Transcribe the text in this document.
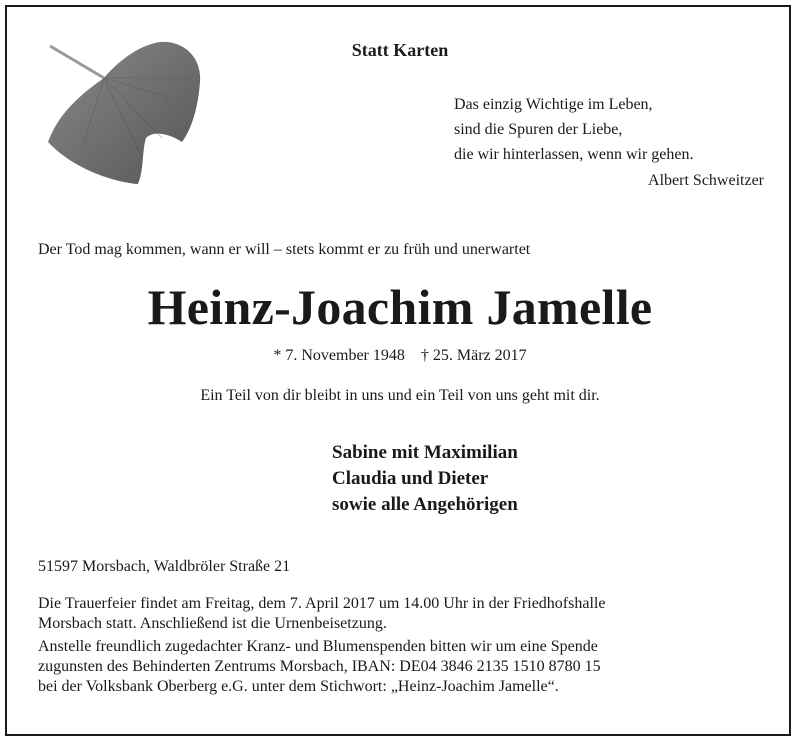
Statt Karten
Das einzig Wichtige im Leben,
sind die Spuren der Liebe,
die wir hinterlassen, wenn wir gehen.
Albert Schweitzer
Der Tod mag kommen, wann er will – stets kommt er zu früh und unerwartet
Heinz-Joachim Jamelle
* 7. November 1948 † 25. März 2017
Ein Teil von dir bleibt in uns und ein Teil von uns geht mit dir.
Sabine mit Maximilian
Claudia und Dieter
sowie alle Angehörigen
51597 Morsbach, Waldbröler Straße 21
Die Trauerfeier findet am Freitag, dem 7. April 2017 um 14.00 Uhr in der Friedhofshalle
Morsbach statt. Anschließend ist die Urnenbeisetzung.
Anstelle freundlich zugedachter Kranz- und Blumenspenden bitten wir um eine Spende
zugunsten des Behinderten Zentrums Morsbach, IBAN: DE04 3846 2135 1510 8780 15
bei der Volksbank Oberberg e.G. unter dem Stichwort: „Heinz-Joachim Jamelle“.
